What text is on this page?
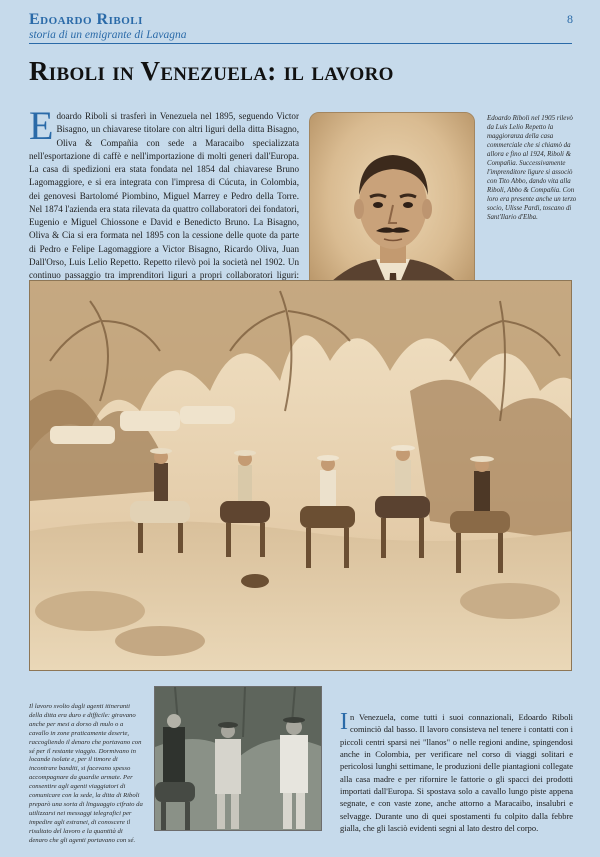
Edoardo Riboli
storia di un emigrante di Lavagna
8
Riboli in Venezuela: il lavoro
E doardo Riboli si trasferì in Venezuela nel 1895, seguendo Victor Bisagno, un chiavarese titolare con altri liguri della ditta Bisagno, Oliva & Compañia con sede a Maracaibo specializzata nell'esportazione di caffè e nell'importazione di molti generi dall'Europa. La casa di spedizioni era stata fondata nel 1854 dal chiavarese Bruno Lagomaggiore, e si era integrata con l'impresa di Cúcuta, in Colombia, dei genovesi Bartolomé Piombino, Miguel Marrey e Pedro della Torre. Nel 1874 l'azienda era stata rilevata da quattro collaboratori dei fondatori, Eugenio e Miguel Chiossone e David e Benedicto Bruno. La Bisagno, Oliva & Cia si era formata nel 1895 con la cessione delle quote da parte di Pedro e Felipe Lagomaggiore a Victor Bisagno, Ricardo Oliva, Juan Dall'Orso, Luis Lelio Repetto. Repetto rilevò poi la società nel 1902. Un continuo passaggio tra imprenditori liguri a propri collaboratori liguri:
Edoardo Riboli nel 1905 rilevò da Luis Lelio Repetto la maggioranza della casa commerciale che si chiamò da allora e fino al 1924, Riboli & Compañia. Successivamente l'imprenditore ligure si associò con Tito Abbo, dando vita alla Riboli, Abbo & Compañia. Con loro era presente anche un terzo socio, Ulisse Pardi, toscano di Sant'Ilario d'Elba.
Il lavoro svolto dagli agenti itineranti della ditta era duro e difficile: giravano anche per mesi a dorso di mulo o a cavallo in zone praticamente deserte, raccogliendo il denaro che portavano con sé per il restante viaggio. Dormivano in locande isolate e, per il timore di incontrare banditi, si facevano spesso accompagnare da guardie armate. Per consentire agli agenti viaggiatori di comunicare con la sede, la ditta di Riboli preparò una sorta di linguaggio cifrato da utilizzarsi nei messaggi telegrafici per impedire agli estranei, di conoscere il risultato del lavoro e la quantità di denaro che gli agenti portavano con sé.
I n Venezuela, come tutti i suoi connazionali, Edoardo Riboli cominciò dal basso. Il lavoro consisteva nel tenere i contatti con i piccoli centri sparsi nei "llanos" o nelle regioni andine, spingendosi anche in Colombia, per verificare nel corso di viaggi solitari e pericolosi lunghi settimane, le produzioni delle piantagioni collegate alla casa madre e per rifornire le fattorie o gli spacci dei prodotti importati dall'Europa. Si spostava solo a cavallo lungo piste appena segnate, e con vaste zone, anche attorno a Maracaibo, insalubri e selvagge. Durante uno di quei spostamenti fu colpito dalla febbre gialla, che gli lasciò evidenti segni al lato destro del corpo.
